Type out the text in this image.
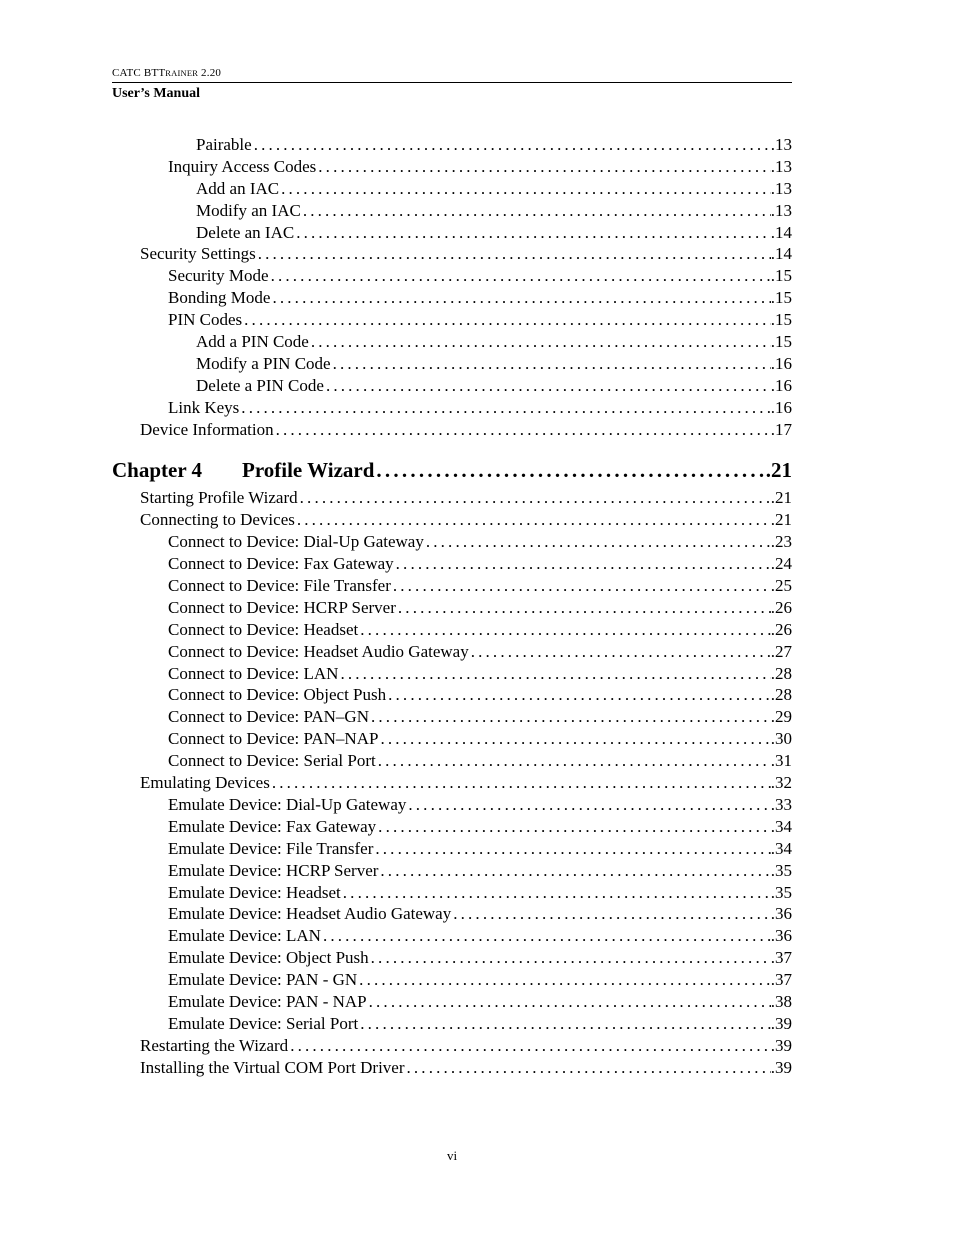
CATC BTTRAINER 2.20
User’s Manual
Pairable . . .	.13
Inquiry Access Codes . . .	.13
Add an IAC . . .	.13
Modify an IAC . . .	.13
Delete an IAC . . .	.14
Security Settings . . .	.14
Security Mode . . .	.15
Bonding Mode . . .	.15
PIN Codes . . .	.15
Add a PIN Code . . .	.15
Modify a PIN Code . . .	.16
Delete a PIN Code . . .	.16
Link Keys . . .	.16
Device Information . . .	.17
Chapter 4	Profile Wizard . . .	.21
Starting Profile Wizard . . .	.21
Connecting to Devices . . .	.21
Connect to Device: Dial-Up Gateway . . .	.23
Connect to Device: Fax Gateway . . .	.24
Connect to Device: File Transfer . . .	.25
Connect to Device: HCRP Server . . .	.26
Connect to Device: Headset . . .	.26
Connect to Device: Headset Audio Gateway . . .	.27
Connect to Device: LAN . . .	.28
Connect to Device: Object Push . . .	.28
Connect to Device: PAN–GN . . .	.29
Connect to Device: PAN–NAP . . .	.30
Connect to Device: Serial Port . . .	.31
Emulating Devices . . .	.32
Emulate Device: Dial-Up Gateway . . .	.33
Emulate Device: Fax Gateway . . .	.34
Emulate Device: File Transfer . . .	.34
Emulate Device: HCRP Server . . .	.35
Emulate Device: Headset . . .	.35
Emulate Device: Headset Audio Gateway . . .	.36
Emulate Device: LAN . . .	.36
Emulate Device: Object Push . . .	.37
Emulate Device: PAN - GN . . .	.37
Emulate Device: PAN - NAP . . .	.38
Emulate Device: Serial Port . . .	.39
Restarting the Wizard . . .	.39
Installing the Virtual COM Port Driver . . .	.39
vi
